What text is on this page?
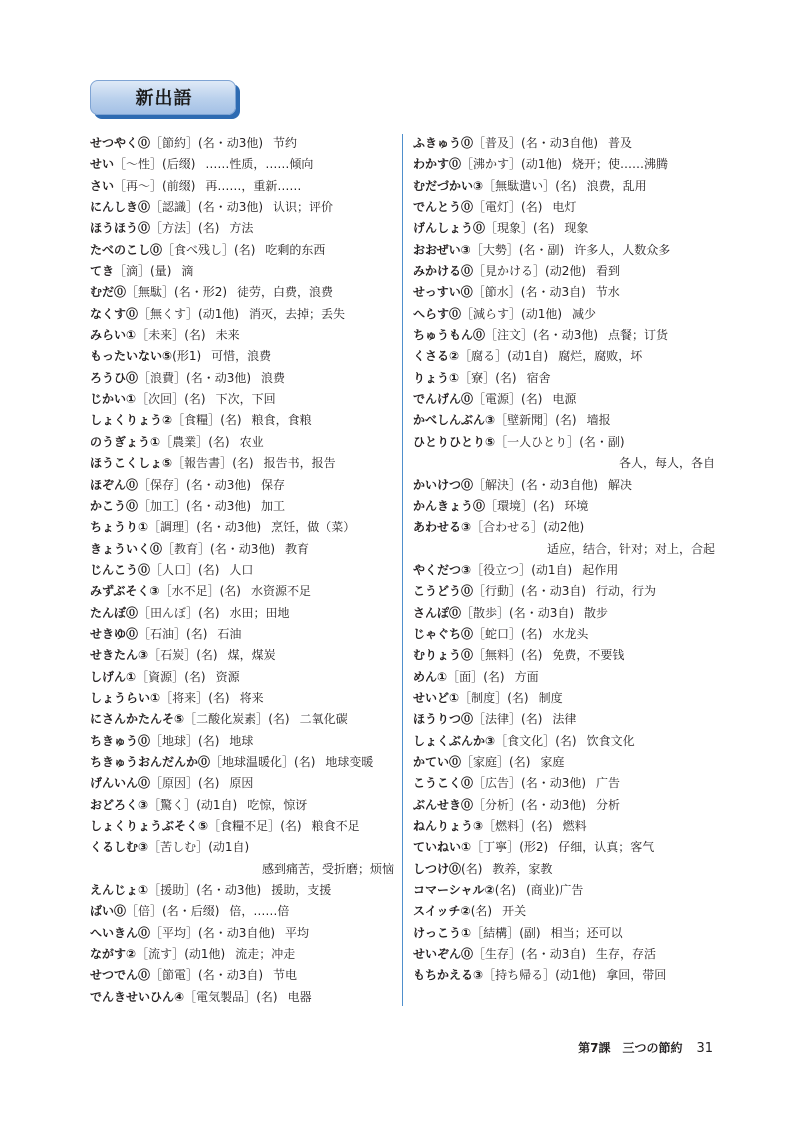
新出語
せつやく⓪［節約］(名・动3他) 节约
せい［～性］(后缀) ……性质，……倾向
さい［再～］(前缀) 再……，重新……
にんしき⓪［認識］(名・动3他) 认识；评价
ほうほう⓪［方法］(名) 方法
たべのこし⓪［食べ残し］(名) 吃剩的东西
てき［滴］(量) 滴
むだ⓪［無駄］(名・形2) 徒劳，白费，浪费
なくす⓪［無くす］(动1他) 消灭，去掉；丢失
みらい①［未来］(名) 未来
もったいない⑤(形1) 可惜，浪费
ろうひ⓪［浪費］(名・动3他) 浪费
じかい①［次回］(名) 下次，下回
しょくりょう②［食糧］(名) 粮食，食粮
のうぎょう①［農業］(名) 农业
ほうこくしょ⑤［報告書］(名) 报告书，报告
ほぞん⓪［保存］(名・动3他) 保存
かこう⓪［加工］(名・动3他) 加工
ちょうり①［調理］(名・动3他) 烹饪，做（菜）
きょういく⓪［教育］(名・动3他) 教育
じんこう⓪［人口］(名) 人口
みずぶそく③［水不足］(名) 水资源不足
たんぼ⓪［田んぼ］(名) 水田；田地
せきゆ⓪［石油］(名) 石油
せきたん③［石炭］(名) 煤，煤炭
しげん①［資源］(名) 资源
しょうらい①［将来］(名) 将来
にさんかたんそ⑤［二酸化炭素］(名) 二氧化碳
ちきゅう⓪［地球］(名) 地球
ちきゅうおんだんか⓪［地球温暖化］(名) 地球变暖
げんいん⓪［原因］(名) 原因
おどろく③［驚く］(动1自) 吃惊，惊讶
しょくりょうぶそく⑤［食糧不足］(名) 粮食不足
くるしむ③［苦しむ］(动1自)
感到痛苦，受折磨；烦恼
えんじょ①［援助］(名・动3他) 援助，支援
ばい⓪［倍］(名・后缀) 倍，……倍
へいきん⓪［平均］(名・动3自他) 平均
ながす②［流す］(动1他) 流走；冲走
せつでん⓪［節電］(名・动3自) 节电
でんきせいひん④［電気製品］(名) 电器
ふきゅう⓪［普及］(名・动3自他) 普及
わかす⓪［沸かす］(动1他) 烧开；使……沸腾
むだづかい③［無駄遣い］(名) 浪费，乱用
でんとう⓪［電灯］(名) 电灯
げんしょう⓪［現象］(名) 现象
おおぜい③［大勢］(名・副) 许多人，人数众多
みかける⓪［見かける］(动2他) 看到
せっすい⓪［節水］(名・动3自) 节水
へらす⓪［減らす］(动1他) 减少
ちゅうもん⓪［注文］(名・动3他) 点餐；订货
くさる②［腐る］(动1自) 腐烂，腐败，坏
りょう①［寮］(名) 宿舍
でんげん⓪［電源］(名) 电源
かべしんぶん③［壁新聞］(名) 墙报
ひとりひとり⑤［一人ひとり］(名・副)
各人，每人，各自
かいけつ⓪［解決］(名・动3自他) 解决
かんきょう⓪［環境］(名) 环境
あわせる③［合わせる］(动2他)
适应，结合，针对；对上，合起
やくだつ③［役立つ］(动1自) 起作用
こうどう⓪［行動］(名・动3自) 行动，行为
さんぽ⓪［散歩］(名・动3自) 散步
じゃぐち⓪［蛇口］(名) 水龙头
むりょう⓪［無料］(名) 免费，不要钱
めん①［面］(名) 方面
せいど①［制度］(名) 制度
ほうりつ⓪［法律］(名) 法律
しょくぶんか③［食文化］(名) 饮食文化
かてい⓪［家庭］(名) 家庭
こうこく⓪［広告］(名・动3他) 广告
ぶんせき⓪［分析］(名・动3他) 分析
ねんりょう③［燃料］(名) 燃料
ていねい①［丁寧］(形2) 仔细，认真；客气
しつけ⓪(名) 教养，家教
コマーシャル②(名) (商业)广告
スイッチ②(名) 开关
けっこう①［結構］(副) 相当；还可以
せいぞん⓪［生存］(名・动3自) 生存，存活
もちかえる③［持ち帰る］(动1他) 拿回，带回
第7課　三つの節約 31
